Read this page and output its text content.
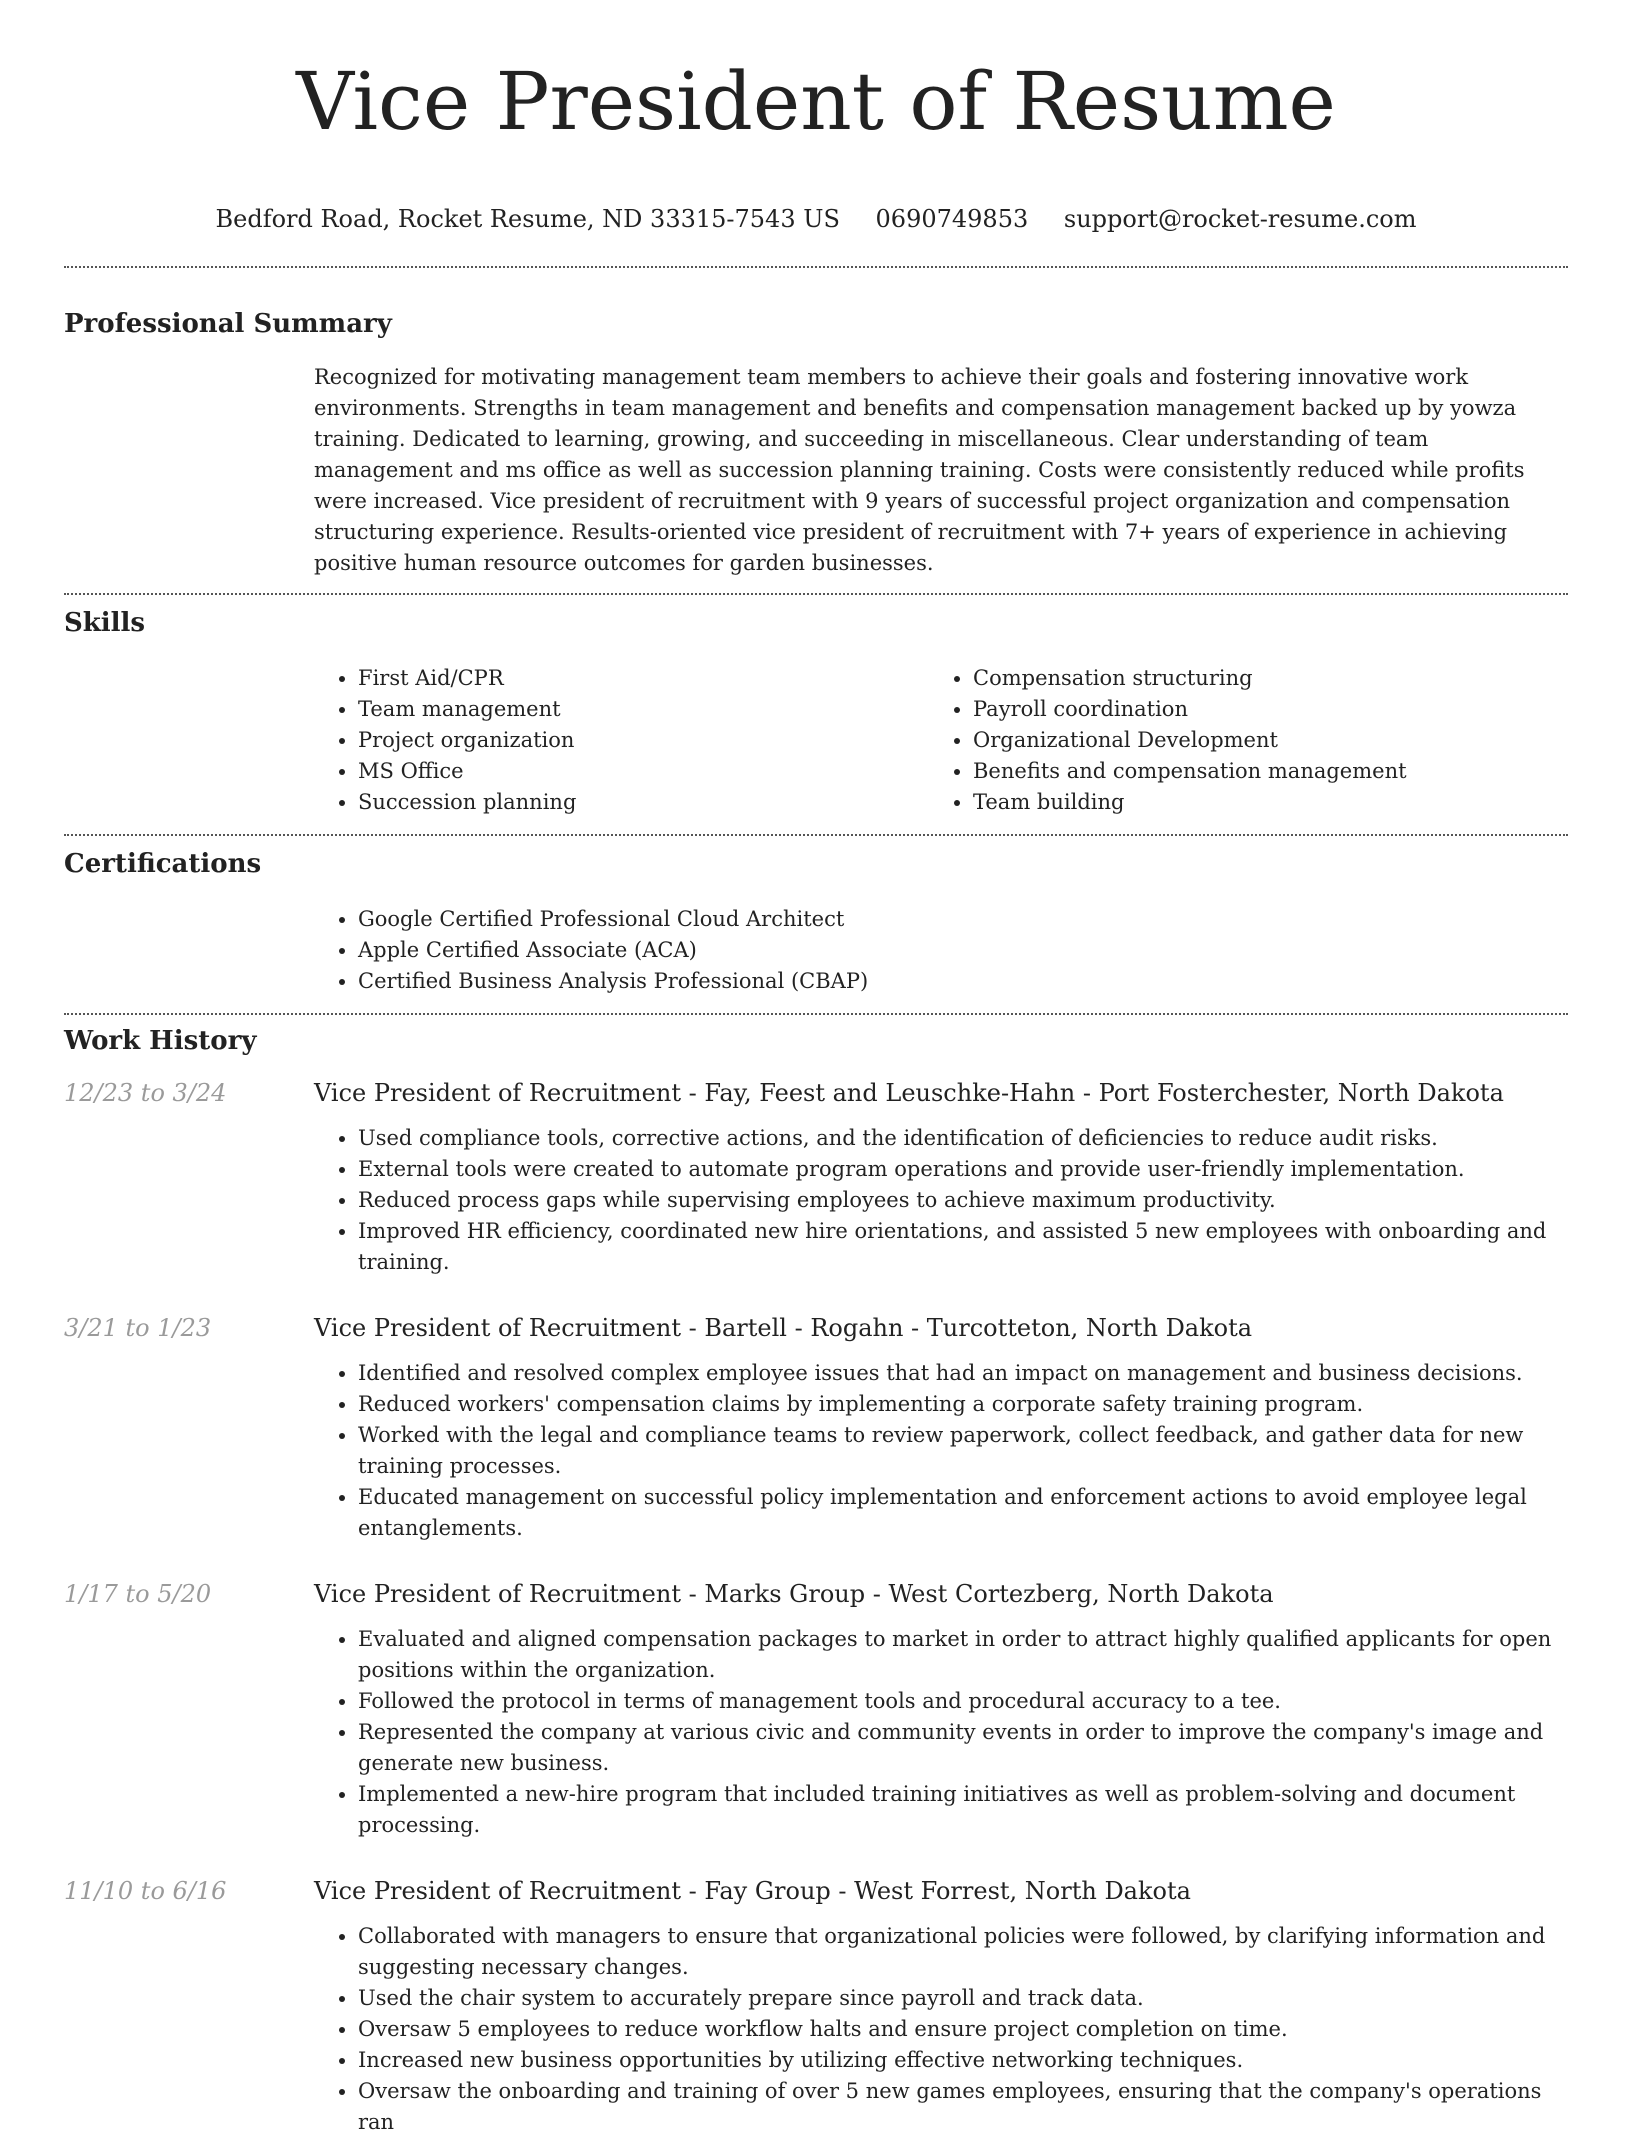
Vice President of Resume
Bedford Road, Rocket Resume, ND 33315-7543 US 0690749853 support@rocket-resume.com
Professional Summary
Recognized for motivating management team members to achieve their goals and fostering innovative work environments. Strengths in team management and benefits and compensation management backed up by yowza training. Dedicated to learning, growing, and succeeding in miscellaneous. Clear understanding of team management and ms office as well as succession planning training. Costs were consistently reduced while profits were increased. Vice president of recruitment with 9 years of successful project organization and compensation structuring experience. Results-oriented vice president of recruitment with 7+ years of experience in achieving positive human resource outcomes for garden businesses.
Skills
• First Aid/CPR
• Team management
• Project organization
• MS Office
• Succession planning
• Compensation structuring
• Payroll coordination
• Organizational Development
• Benefits and compensation management
• Team building
Certifications
• Google Certified Professional Cloud Architect
• Apple Certified Associate (ACA)
• Certified Business Analysis Professional (CBAP)
Work History
12/23 to 3/24	Vice President of Recruitment - Fay, Feest and Leuschke-Hahn - Port Fosterchester, North Dakota
• Used compliance tools, corrective actions, and the identification of deficiencies to reduce audit risks.
• External tools were created to automate program operations and provide user-friendly implementation.
• Reduced process gaps while supervising employees to achieve maximum productivity.
• Improved HR efficiency, coordinated new hire orientations, and assisted 5 new employees with onboarding and training.
3/21 to 1/23	Vice President of Recruitment - Bartell - Rogahn - Turcotteton, North Dakota
• Identified and resolved complex employee issues that had an impact on management and business decisions.
• Reduced workers' compensation claims by implementing a corporate safety training program.
• Worked with the legal and compliance teams to review paperwork, collect feedback, and gather data for new training processes.
• Educated management on successful policy implementation and enforcement actions to avoid employee legal entanglements.
1/17 to 5/20	Vice President of Recruitment - Marks Group - West Cortezberg, North Dakota
• Evaluated and aligned compensation packages to market in order to attract highly qualified applicants for open positions within the organization.
• Followed the protocol in terms of management tools and procedural accuracy to a tee.
• Represented the company at various civic and community events in order to improve the company's image and generate new business.
• Implemented a new-hire program that included training initiatives as well as problem-solving and document processing.
11/10 to 6/16	Vice President of Recruitment - Fay Group - West Forrest, North Dakota
• Collaborated with managers to ensure that organizational policies were followed, by clarifying information and suggesting necessary changes.
• Used the chair system to accurately prepare since payroll and track data.
• Oversaw 5 employees to reduce workflow halts and ensure project completion on time.
• Increased new business opportunities by utilizing effective networking techniques.
• Oversaw the onboarding and training of over 5 new games employees, ensuring that the company's operations ran
